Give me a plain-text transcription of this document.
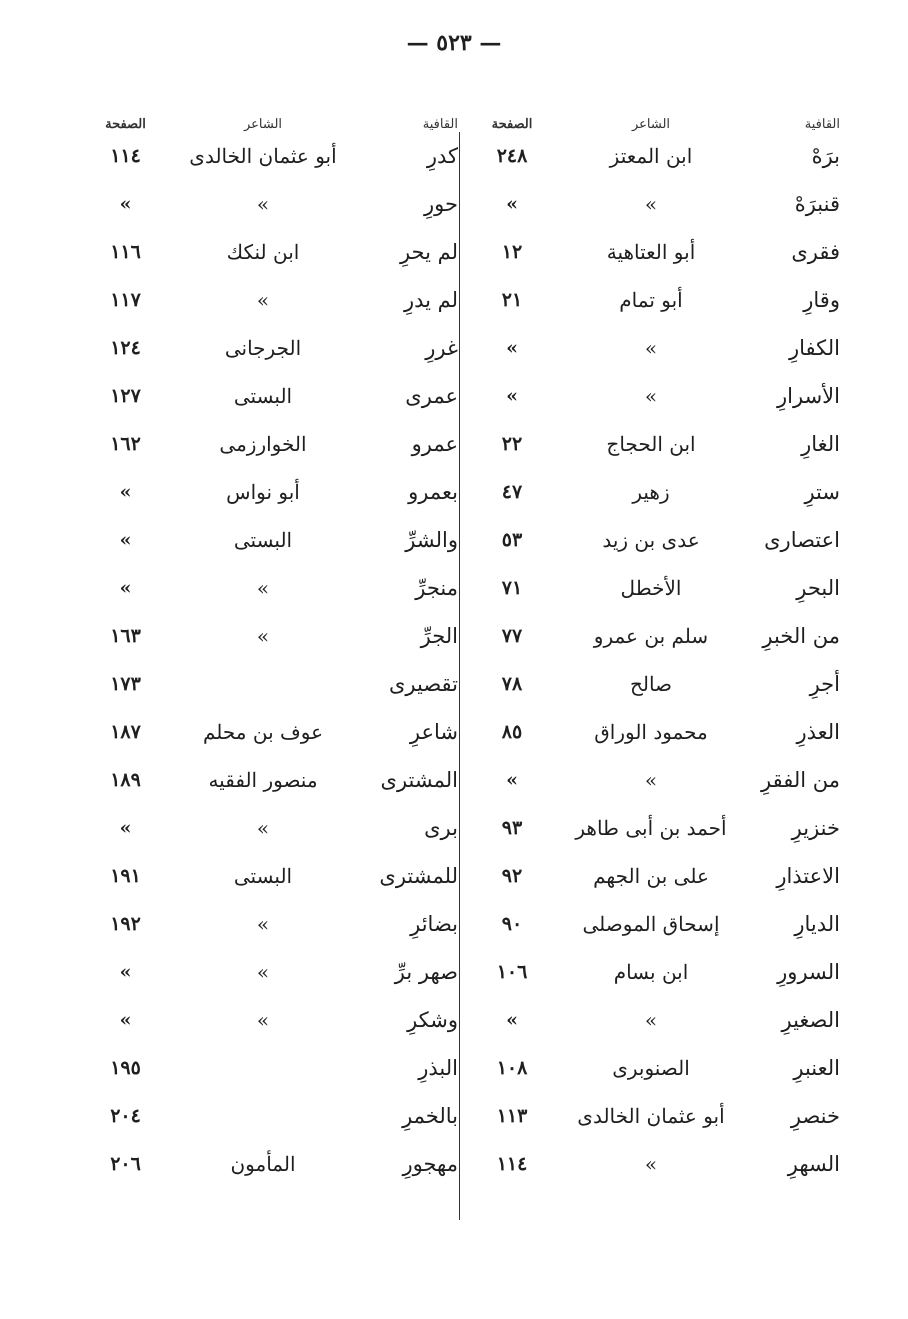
— ٥٢٣ —
القافية
الشاعر
الصفحة
برَهْ
ابن المعتز
٢٤٨
قنبرَهْ
»
»
فقرى
أبو العتاهية
١٢
وقارِ
أبو تمام
٢١
الكفارِ
»
»
الأسرارِ
»
»
الغارِ
ابن الحجاج
٢٢
سترِ
زهير
٤٧
اعتصارى
عدى بن زيد
٥٣
البحرِ
الأخطل
٧١
من الخبرِ
سلم بن عمرو
٧٧
أجرِ
صالح
٧٨
العذرِ
محمود الوراق
٨٥
من الفقرِ
»
»
خنزيرِ
أحمد بن أبى طاهر
٩٣
الاعتذارِ
على بن الجهم
٩٢
الديارِ
إسحاق الموصلى
٩٠
السرورِ
ابن بسام
١٠٦
الصغيرِ
»
»
العنبرِ
الصنوبرى
١٠٨
خنصرِ
أبو عثمان الخالدى
١١٣
السهرِ
»
١١٤
القافية
الشاعر
الصفحة
كدرِ
أبو عثمان الخالدى
١١٤
حورِ
»
»
لم يحرِ
ابن لنكك
١١٦
لم يدرِ
»
١١٧
غررِ
الجرجانى
١٢٤
عمرى
البستى
١٢٧
عمرو
الخوارزمى
١٦٢
بعمرو
أبو نواس
»
والشرِّ
البستى
»
منجرِّ
»
»
الجرِّ
»
١٦٣
تقصيرى
١٧٣
شاعرِ
عوف بن محلم
١٨٧
المشترى
منصور الفقيه
١٨٩
برى
»
»
للمشترى
البستى
١٩١
بضائرِ
»
١٩٢
صهر برِّ
»
»
وشكرِ
»
»
البذرِ
١٩٥
بالخمرِ
٢٠٤
مهجورِ
المأمون
٢٠٦
